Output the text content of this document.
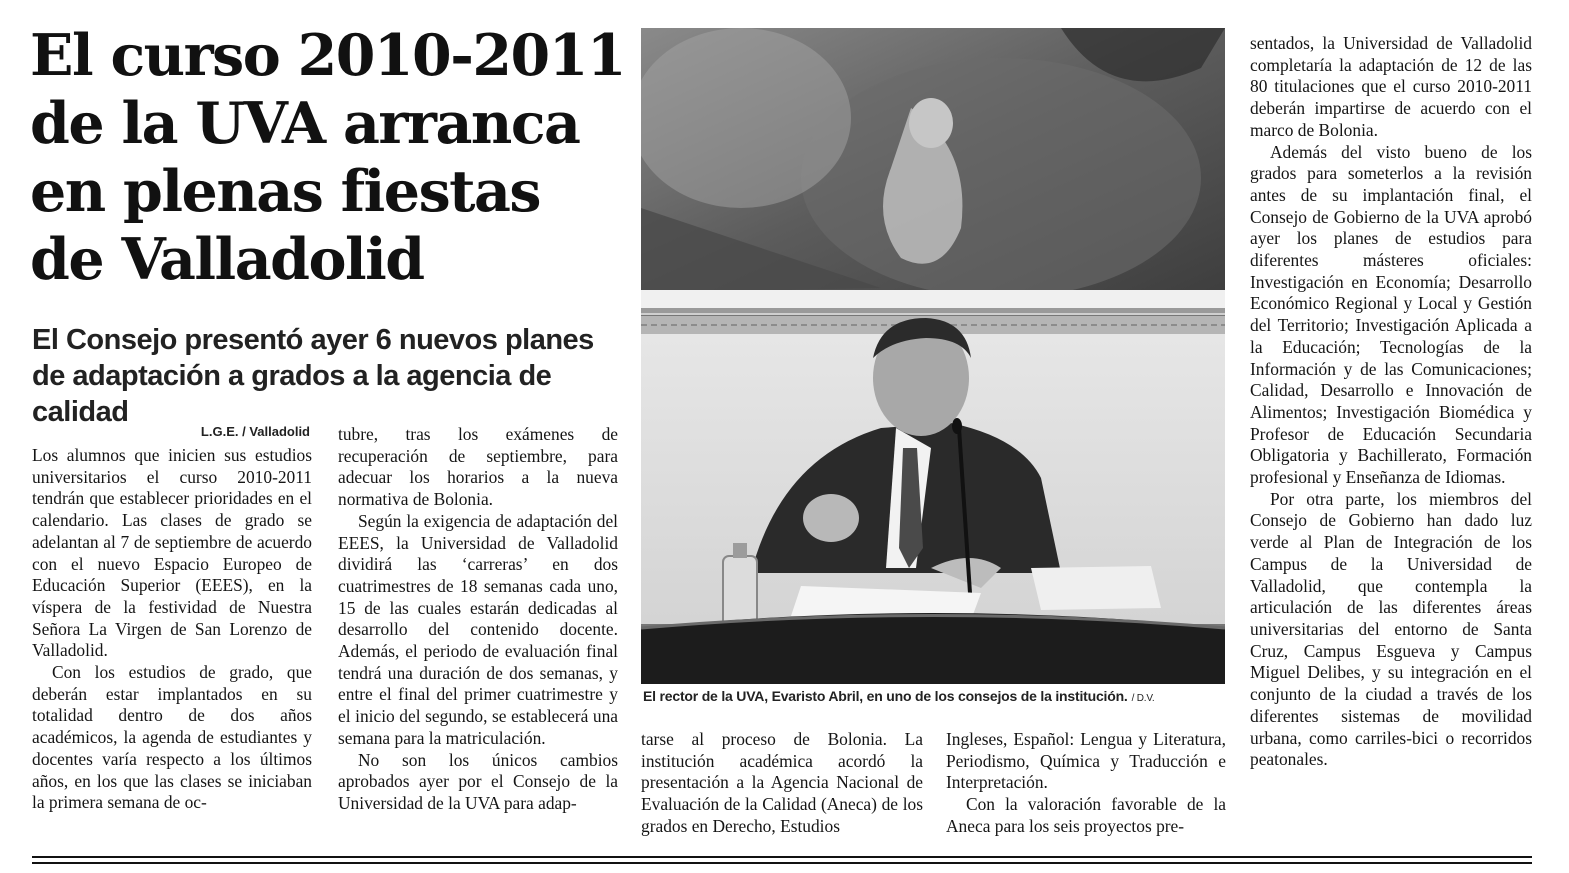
El curso 2010-2011 de la UVA arranca en plenas fiestas de Valladolid
El Consejo presentó ayer 6 nuevos planes de adaptación a grados a la agencia de calidad
L.G.E. / Valladolid

Los alumnos que inicien sus estudios universitarios el curso 2010-2011 tendrán que establecer prioridades en el calendario. Las clases de grado se adelantan al 7 de septiembre de acuerdo con el nuevo Espacio Europeo de Educación Superior (EEES), en la víspera de la festividad de Nuestra Señora La Virgen de San Lorenzo de Valladolid.

Con los estudios de grado, que deberán estar implantados en su totalidad dentro de dos años académicos, la agenda de estudiantes y docentes varía respecto a los últimos años, en los que las clases se iniciaban la primera semana de oc-

tubre, tras los exámenes de recuperación de septiembre, para adecuar los horarios a la nueva normativa de Bolonia.

Según la exigencia de adaptación del EEES, la Universidad de Valladolid dividirá las ‘carreras’ en dos cuatrimestres de 18 semanas cada uno, 15 de las cuales estarán dedicadas al desarrollo del contenido docente. Además, el periodo de evaluación final tendrá una duración de dos semanas, y entre el final del primer cuatrimestre y el inicio del segundo, se establecerá una semana para la matriculación.

No son los únicos cambios aprobados ayer por el Consejo de la Universidad de la UVA para adap-

El rector de la UVA, Evaristo Abril, en uno de los consejos de la institución. / D.V.

tarse al proceso de Bolonia. La institución académica acordó la presentación a la Agencia Nacional de Evaluación de la Calidad (Aneca) de los grados en Derecho, Estudios

Ingleses, Español: Lengua y Literatura, Periodismo, Química y Traducción e Interpretación.

Con la valoración favorable de la Aneca para los seis proyectos pre-

sentados, la Universidad de Valladolid completaría la adaptación de 12 de las 80 titulaciones que el curso 2010-2011 deberán impartirse de acuerdo con el marco de Bolonia.

Además del visto bueno de los grados para someterlos a la revisión antes de su implantación final, el Consejo de Gobierno de la UVA aprobó ayer los planes de estudios para diferentes másteres oficiales: Investigación en Economía; Desarrollo Económico Regional y Local y Gestión del Territorio; Investigación Aplicada a la Educación; Tecnologías de la Información y de las Comunicaciones; Calidad, Desarrollo e Innovación de Alimentos; Investigación Biomédica y Profesor de Educación Secundaria Obligatoria y Bachillerato, Formación profesional y Enseñanza de Idiomas.

Por otra parte, los miembros del Consejo de Gobierno han dado luz verde al Plan de Integración de los Campus de la Universidad de Valladolid, que contempla la articulación de las diferentes áreas universitarias del entorno de Santa Cruz, Campus Esgueva y Campus Miguel Delibes, y su integración en el conjunto de la ciudad a través de los diferentes sistemas de movilidad urbana, como carriles-bici o recorridos peatonales.
